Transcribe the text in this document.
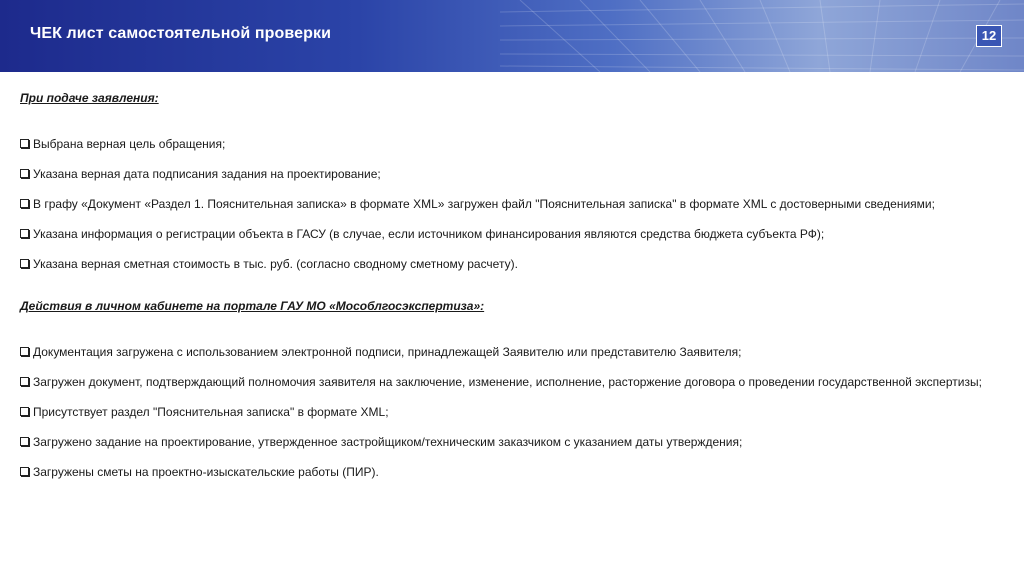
ЧЕК лист самостоятельной проверки	12

При подаче заявления:

Выбрана верная цель обращения;

Указана верная дата подписания задания на проектирование;

В графу «Документ «Раздел 1. Пояснительная записка» в формате XML» загружен файл "Пояснительная записка" в формате XML с достоверными сведениями;

Указана информация о регистрации объекта в ГАСУ (в случае, если источником финансирования являются средства бюджета субъекта РФ);

Указана верная сметная стоимость в тыс. руб. (согласно сводному сметному расчету).

Действия в личном кабинете на портале ГАУ МО «Мособлгосэкспертиза»:

Документация загружена с использованием электронной подписи, принадлежащей Заявителю или представителю Заявителя;

Загружен документ, подтверждающий полномочия заявителя на заключение, изменение, исполнение, расторжение договора о проведении государственной экспертизы;

Присутствует раздел "Пояснительная записка" в формате XML;

Загружено задание на проектирование, утвержденное застройщиком/техническим заказчиком с указанием даты утверждения;

Загружены сметы на проектно-изыскательские работы (ПИР).
